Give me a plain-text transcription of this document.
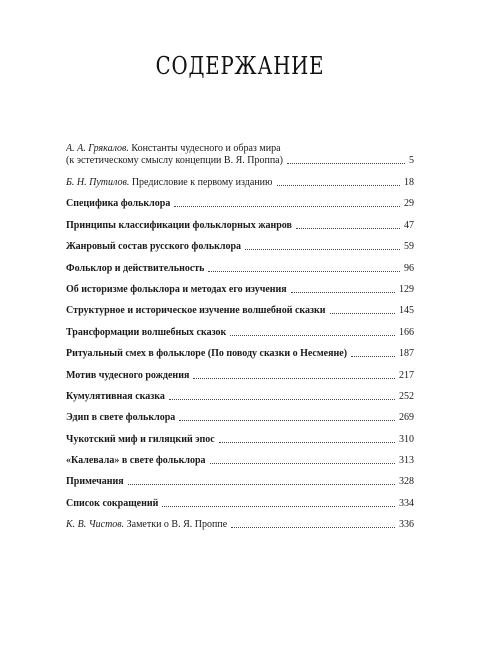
СОДЕРЖАНИЕ
А. А. Грякалов. Константы чудесного и образ мира
(к эстетическому смыслу концепции В. Я. Проппа)	5
Б. Н. Путилов. Предисловие к первому изданию	18
Специфика фольклора	29
Принципы классификации фольклорных жанров	47
Жанровый состав русского фольклора	59
Фольклор и действительность	96
Об историзме фольклора и методах его изучения	129
Структурное и историческое изучение волшебной сказки	145
Трансформации волшебных сказок	166
Ритуальный смех в фольклоре (По поводу сказки о Несмеяне)	187
Мотив чудесного рождения	217
Кумулятивная сказка	252
Эдип в свете фольклора	269
Чукотский миф и гиляцкий эпос	310
«Калевала» в свете фольклора	313
Примечания	328
Список сокращений	334
К. В. Чистов. Заметки о В. Я. Проппе	336
